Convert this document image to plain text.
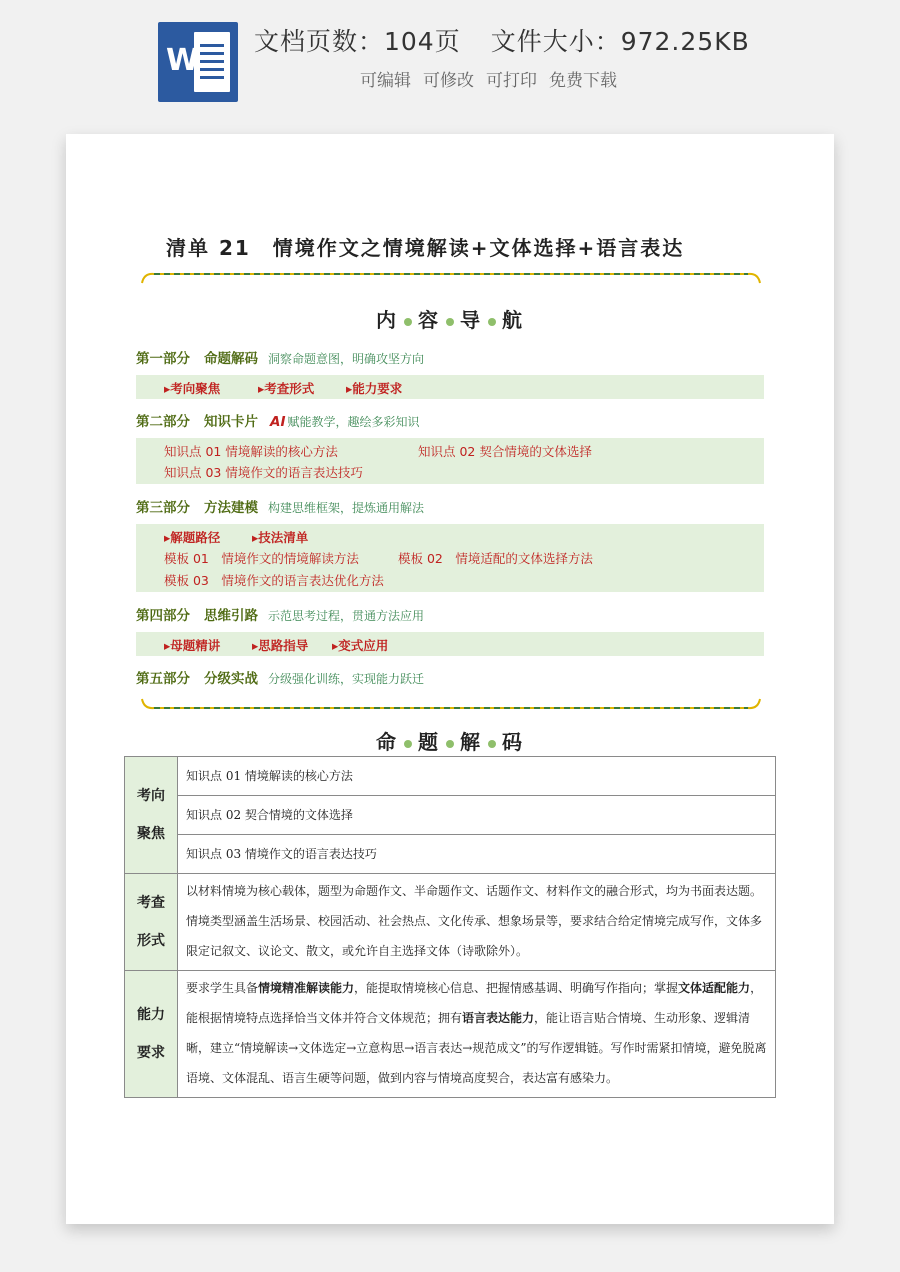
W
文档页数：104页 文件大小：972.25KB
可编辑 可修改 可打印 免费下载
清单 21　情境作文之情境解读+文体选择+语言表达
内 容 导 航
第一部分 命题解码 洞察命题意图，明确攻坚方向
▸考向聚焦	▸考查形式	▸能力要求
第二部分 知识卡片 AI 赋能教学，趣绘多彩知识
知识点 01 情境解读的核心方法	知识点 02 契合情境的文体选择
知识点 03 情境作文的语言表达技巧
第三部分 方法建模 构建思维框架，提炼通用解法
▸解题路径	▸技法清单
模板 01　情境作文的情境解读方法	模板 02　情境适配的文体选择方法
模板 03　情境作文的语言表达优化方法
第四部分 思维引路 示范思考过程，贯通方法应用
▸母题精讲	▸思路指导 ▸变式应用
第五部分 分级实战 分级强化训练，实现能力跃迁
命 题 解 码
考向
聚焦	知识点 01 情境解读的核心方法
	知识点 02 契合情境的文体选择
	知识点 03 情境作文的语言表达技巧

考查
形式	以材料情境为核心载体，题型为命题作文、半命题作文、话题作文、材料作文的融合形式，均为书面表达题。情境类型涵盖生活场景、校园活动、社会热点、文化传承、想象场景等，要求结合给定情境完成写作，文体多限定记叙文、议论文、散文，或允许自主选择文体（诗歌除外）。

能力
要求	要求学生具备情境精准解读能力，能提取情境核心信息、把握情感基调、明确写作指向；掌握文体适配能力，能根据情境特点选择恰当文体并符合文体规范；拥有语言表达能力，能让语言贴合情境、生动形象、逻辑清晰，建立“情境解读→文体选定→立意构思→语言表达→规范成文”的写作逻辑链。写作时需紧扣情境，避免脱离语境、文体混乱、语言生硬等问题，做到内容与情境高度契合，表达富有感染力。
